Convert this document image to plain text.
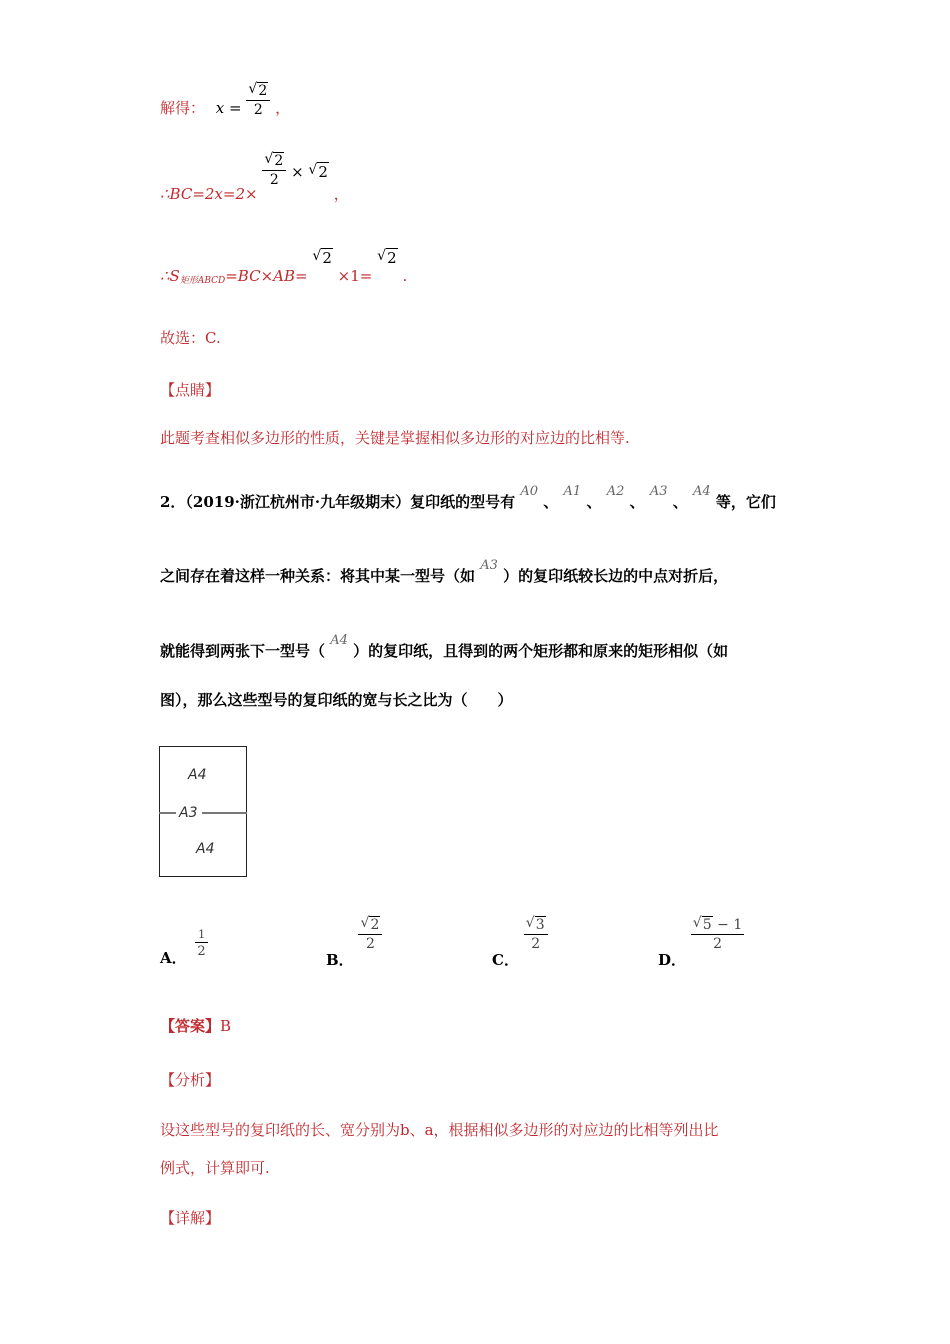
解得： $x = \frac{√ 2}{2}$ ，
∴BC=2x=2×
$\frac{√ 2}{2}$ × √ 2 ，
$\therefore S_{矩形ABCD}=BC\times AB=$
√ 2 ×1=
√ 2 .
故选：C.
【点睛】
此题考查相似多边形的性质，关键是掌握相似多边形的对应边的比相等.
2．（2019·浙江杭州市·九年级期末）复印纸的型号有 A0 、 A1 、 A2 、 A3 、 A4 等，它们
之间存在着这样一种关系：将其中某一型号（如 A3 ）的复印纸较长边的中点对折后，
就能得到两张下一型号（ A4 ）的复印纸，且得到的两个矩形都和原来的矩形相似（如
图），那么这些型号的复印纸的宽与长之比为（　　）
A4
A3
A4
A． $\frac{1}{2}$	B．
$\frac{√ 2}{2}$
C．
$\frac{√ 3}{2}$
D．
$\frac{√ 5 - 1}{2}$
【答案】B
【分析】
设这些型号的复印纸的长、宽分别为b、a，根据相似多边形的对应边的比相等列出比
例式，计算即可.
【详解】
